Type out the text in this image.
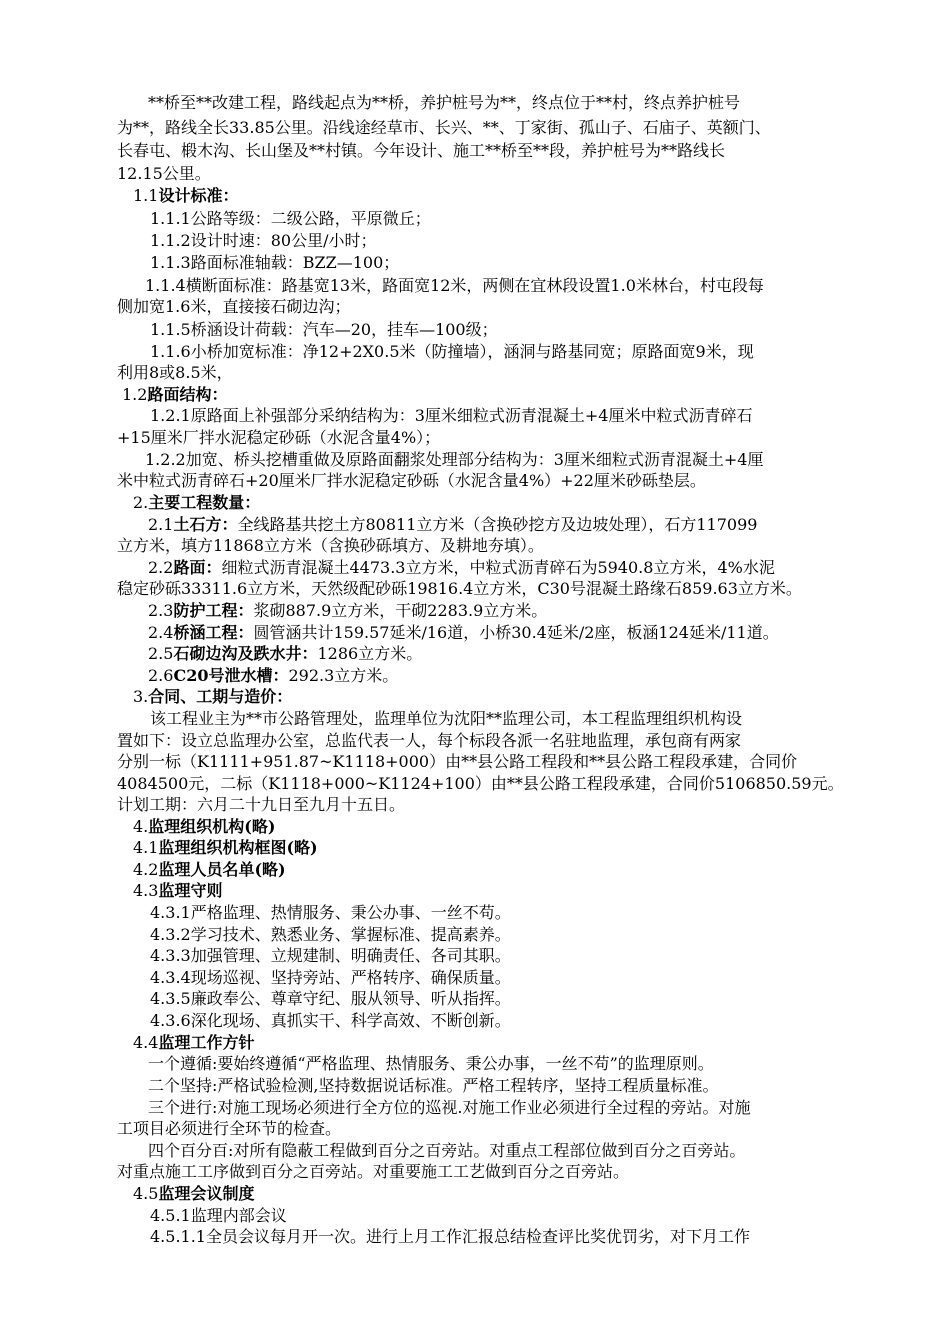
**桥至**改建工程，路线起点为**桥，养护桩号为**，终点位于**村，终点养护桩号
为**，路线全长33.85公里。沿线途经草市、长兴、**、丁家街、孤山子、石庙子、英额门、
长春屯、椴木沟、长山堡及**村镇。今年设计、施工**桥至**段，养护桩号为**路线长
12.15公里。
1.1设计标准：
1.1.1公路等级：二级公路，平原微丘；
1.1.2设计时速：80公里/小时；
1.1.3路面标准轴载：BZZ—100；
1.1.4横断面标准：路基宽13米，路面宽12米，两侧在宜林段设置1.0米林台，村屯段每
侧加宽1.6米，直接接石砌边沟；
1.1.5桥涵设计荷载：汽车—20，挂车—100级；
1.1.6小桥加宽标准：净12+2X0.5米（防撞墙），涵洞与路基同宽；原路面宽9米，现
利用8或8.5米，
1.2路面结构：
1.2.1原路面上补强部分采纳结构为：3厘米细粒式沥青混凝土+4厘米中粒式沥青碎石
+15厘米厂拌水泥稳定砂砾（水泥含量4%）；
1.2.2加宽、桥头挖槽重做及原路面翻浆处理部分结构为：3厘米细粒式沥青混凝土+4厘
米中粒式沥青碎石+20厘米厂拌水泥稳定砂砾（水泥含量4%）+22厘米砂砾垫层。
2.主要工程数量：
2.1土石方：全线路基共挖土方80811立方米（含换砂挖方及边坡处理），石方117099
立方米，填方11868立方米（含换砂砾填方、及耕地夯填）。
2.2路面：细粒式沥青混凝土4473.3立方米，中粒式沥青碎石为5940.8立方米，4%水泥
稳定砂砾33311.6立方米，天然级配砂砾19816.4立方米，C30号混凝土路缘石859.63立方米。
2.3防护工程：浆砌887.9立方米，干砌2283.9立方米。
2.4桥涵工程：圆管涵共计159.57延米/16道，小桥30.4延米/2座，板涵124延米/11道。
2.5石砌边沟及跌水井：1286立方米。
2.6C20号泄水槽：292.3立方米。
3.合同、工期与造价：
该工程业主为**市公路管理处，监理单位为沈阳**监理公司，本工程监理组织机构设
置如下：设立总监理办公室，总监代表一人，每个标段各派一名驻地监理，承包商有两家
分别一标（K1111+951.87~K1118+000）由**县公路工程段和**县公路工程段承建，合同价
4084500元，二标（K1118+000~K1124+100）由**县公路工程段承建，合同价5106850.59元。
计划工期：六月二十九日至九月十五日。
4.监理组织机构(略)
4.1监理组织机构框图(略)
4.2监理人员名单(略)
4.3监理守则
4.3.1严格监理、热情服务、秉公办事、一丝不苟。
4.3.2学习技术、熟悉业务、掌握标准、提高素养。
4.3.3加强管理、立规建制、明确责任、各司其职。
4.3.4现场巡视、坚持旁站、严格转序、确保质量。
4.3.5廉政奉公、尊章守纪、服从领导、听从指挥。
4.3.6深化现场、真抓实干、科学高效、不断创新。
4.4监理工作方针
一个遵循:要始终遵循“严格监理、热情服务、秉公办事，一丝不苟”的监理原则。
二个坚持:严格试验检测,坚持数据说话标准。严格工程转序，坚持工程质量标准。
三个进行:对施工现场必须进行全方位的巡视.对施工作业必须进行全过程的旁站。对施
工项目必须进行全环节的检查。
四个百分百:对所有隐蔽工程做到百分之百旁站。对重点工程部位做到百分之百旁站。
对重点施工工序做到百分之百旁站。对重要施工工艺做到百分之百旁站。
4.5监理会议制度
4.5.1监理内部会议
4.5.1.1全员会议每月开一次。进行上月工作汇报总结检查评比奖优罚劣，对下月工作
